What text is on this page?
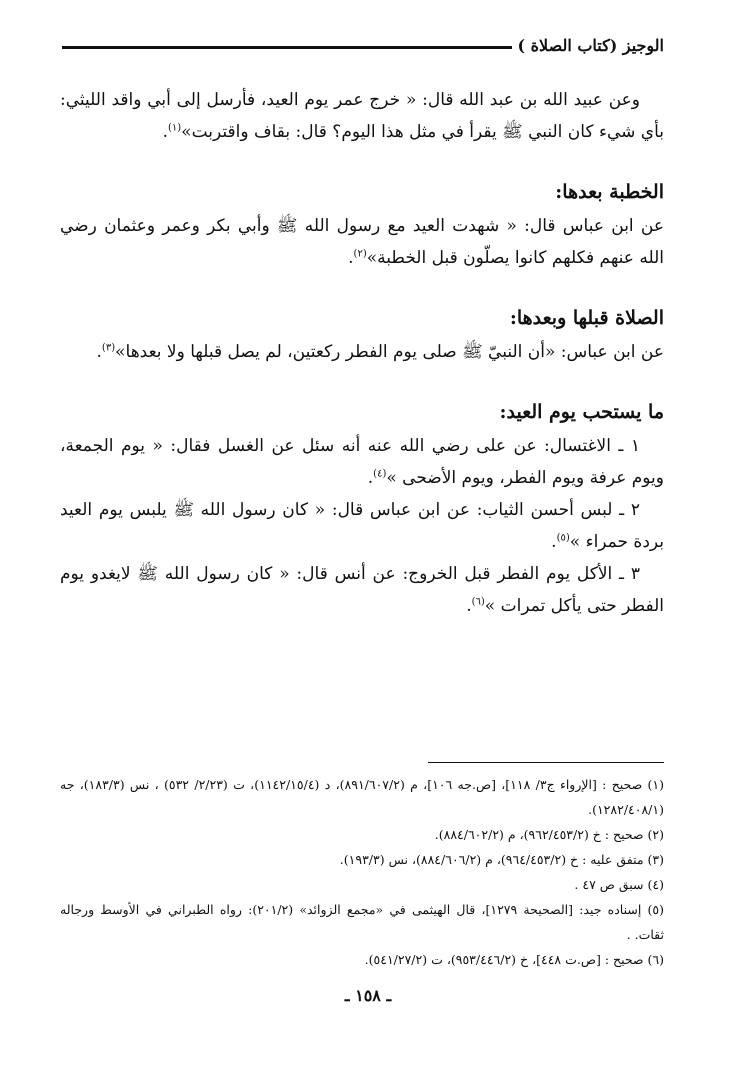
الوجيز (كتاب الصلاة )

وعن عبيد الله بن عبد الله قال: « خرج عمر يوم العيد، فأرسل إلى أبي واقد الليثي: بأي شيء كان النبي ﷺ يقرأ في مثل هذا اليوم؟ قال: بقاف واقتربت»$^{(١)}$.

الخطبة بعدها:

عن ابن عباس قال: « شهدت العيد مع رسول الله ﷺ وأبي بكر وعمر وعثمان رضي الله عنهم فكلهم كانوا يصلّون قبل الخطبة»$^{(٢)}$.

الصلاة قبلها وبعدها:

عن ابن عباس: «أن النبيّ ﷺ صلى يوم الفطر ركعتين، لم يصل قبلها ولا بعدها»$^{(٣)}$.

ما يستحب يوم العيد:

١ ـ الاغتسال: عن على رضي الله عنه أنه سئل عن الغسل فقال: « يوم الجمعة، ويوم عرفة ويوم الفطر، ويوم الأضحى »$^{(٤)}$.

٢ ـ لبس أحسن الثياب: عن ابن عباس قال: « كان رسول الله ﷺ يلبس يوم العيد بردة حمراء »$^{(٥)}$.

٣ ـ الأكل يوم الفطر قبل الخروج: عن أنس قال: « كان رسول الله ﷺ لايغدو يوم الفطر حتى يأكل تمرات »$^{(٦)}$.

(١) صحيح : [الإرواء ج٣/ ١١٨]، [ص.جه ١٠٦]، م (٨٩١/٦٠٧/٢)، د (١١٤٢/١٥/٤)، ت (٢/٢٣/ ٥٣٢) ، نس (١٨٣/٣)، جه (١٢٨٢/٤٠٨/١).

(٢) صحيح : خ (٩٦٢/٤٥٣/٢)، م (٨٨٤/٦٠٢/٢).

(٣) متفق عليه : خ (٩٦٤/٤٥٣/٢)، م (٨٨٤/٦٠٦/٢)، نس (١٩٣/٣).

(٤) سبق ص ٤٧ .

(٥) إسناده جيد: [الصحيحة ١٢٧٩]، قال الهيثمى في «مجمع الزوائد» (٢٠١/٢): رواه الطبراني في الأوسط ورجاله ثقات. .

(٦) صحيح : [ص.ت ٤٤٨]، خ (٩٥٣/٤٤٦/٢)، ت (٥٤١/٢٧/٢).

ـ ١٥٨ ـ
